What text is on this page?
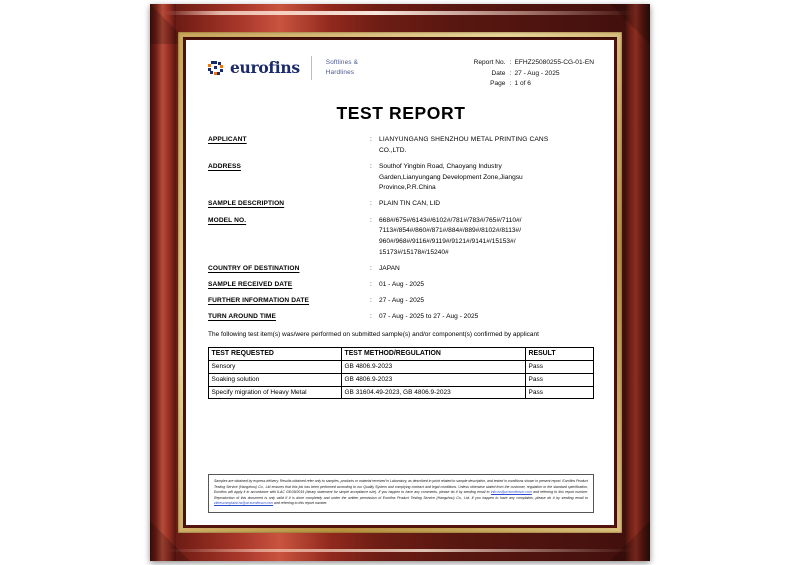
eurofins	Softlines &
Hardlines
Report No. : EFHZ25080255-CG-01-EN
Date : 27 - Aug - 2025
Page : 1 of 6
TEST REPORT
APPLICANT	:	LIANYUNGANG SHENZHOU METAL PRINTING CANS
CO.,LTD.
ADDRESS	:	Southof Yingbin Road, Chaoyang Industry
Garden,Lianyungang Development Zone,Jiangsu
Province,P.R.China
SAMPLE DESCRIPTION	:	PLAIN TIN CAN, LID
MODEL NO.	:	668#/675#/6143#/6102#/781#/783#/765#/7110#/
7113#/854#/860#/871#/884#/889#/8102#/8113#/
960#/968#/9116#/9119#/9121#/9141#/15153#/
15173#/15178#/15240#
COUNTRY OF DESTINATION	:	JAPAN
SAMPLE RECEIVED DATE	:	01 - Aug - 2025
FURTHER INFORMATION DATE	:	27 - Aug - 2025
TURN AROUND TIME	:	07 - Aug - 2025 to 27 - Aug - 2025
The following test item(s) was/were performed on submitted sample(s) and/or component(s) confirmed by applicant
TEST REQUESTED	TEST METHOD/REGULATION	RESULT
Sensory	GB 4806.9-2023	Pass
Soaking solution	GB 4806.9-2023	Pass
Specify migration of Heavy Metal	GB 31604.49-2023, GB 4806.9-2023	Pass
Samples are obtained by express delivery. Results obtained refer only to samples, products or material received in Laboratory, as described in point related to sample description, and tested in conditions shown in present report. Eurofins Product Testing Service (Hangzhou) Co., Ltd ensures that this job has been performed according to our Quality System and complying contract and legal conditions. Unless otherwise stated from the customer, regulation or the standard specification, Eurofins will apply it in accordance with ILAC G8:09/2019 (binary statement for simple acceptance rule). If you happen to have any comments, please do it by sending email to info.hz@ut.eurofinscn.com and referring to this report number. Reproduction of this document is only valid if it is done completely and under the written permission of Eurofins Product Testing Service (Hangzhou) Co., Ltd. If you happen to have any complaints, please do it by sending email to zlinescomplaint.hz@ut.eurofinscn.com and referring to this report number.
